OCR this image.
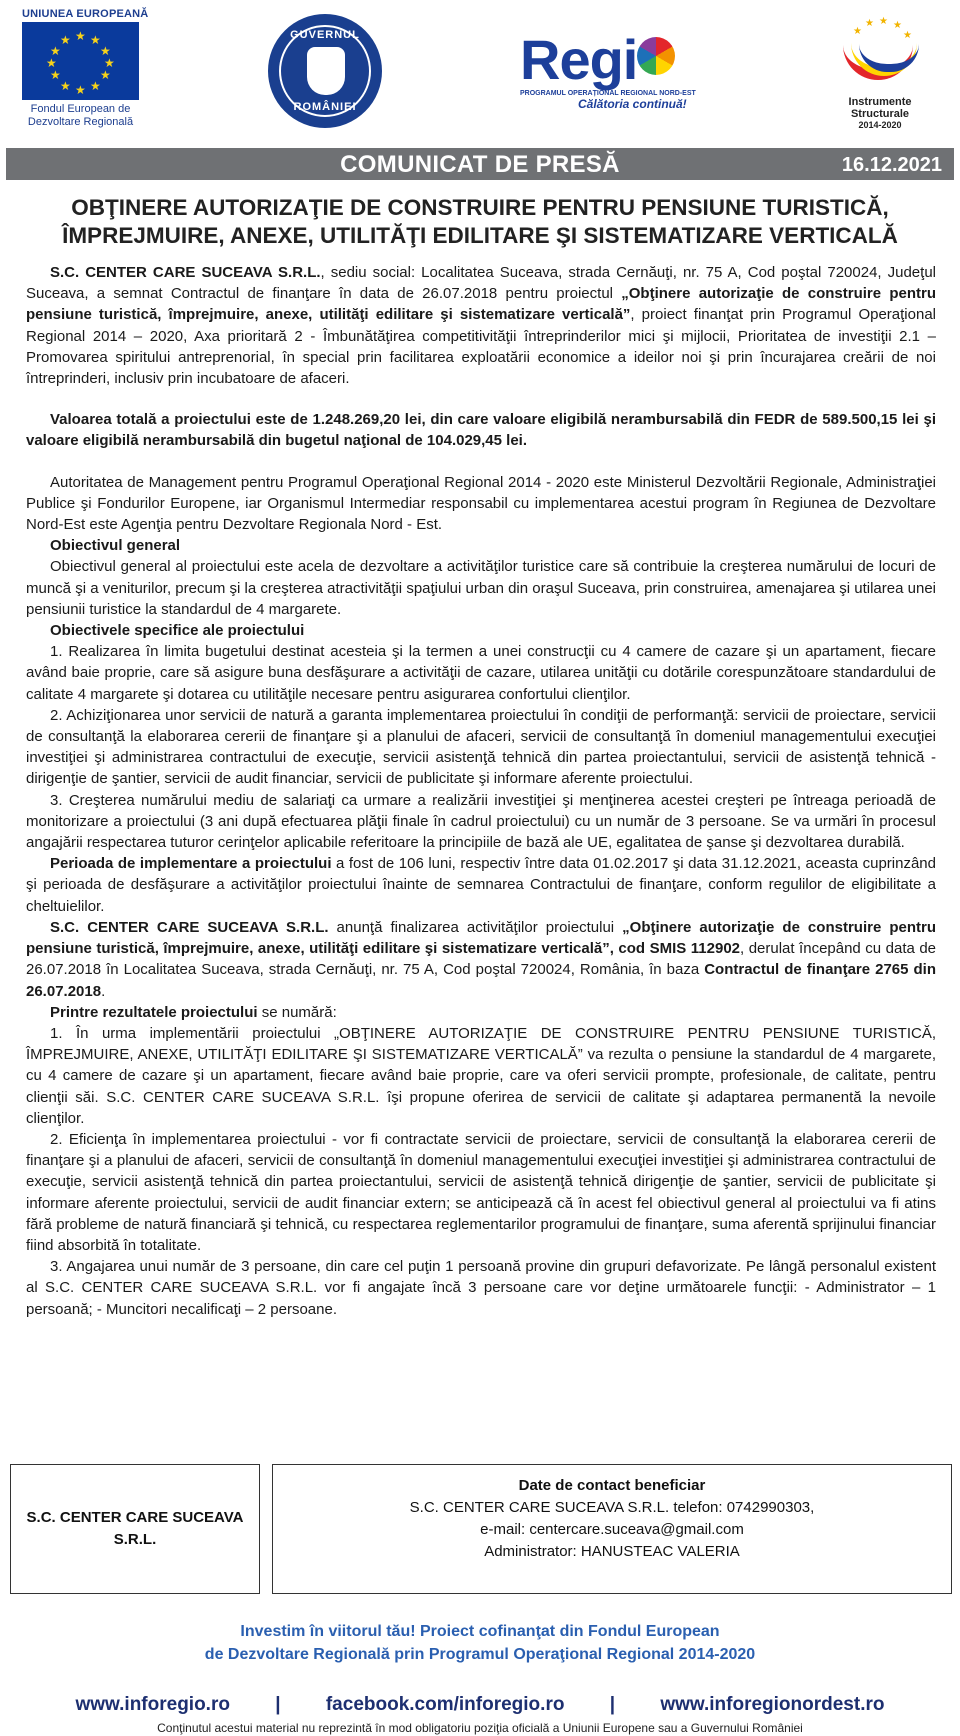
UNIUNEA EUROPEANĂ
★ ★
★
★
★
★
★
★
★
★
★
★
Fondul European de
Dezvoltare Regională
GUVERNUL
ROMÂNIEI
Regi
PROGRAMUL OPERAȚIONAL REGIONAL NORD-EST
Călătoria continuă!
★ ★ ★
★
★
Instrumente Structurale
2014-2020
COMUNICAT DE PRESĂ	16.12.2021
OBŢINERE AUTORIZAŢIE DE CONSTRUIRE PENTRU PENSIUNE TURISTICĂ,
ÎMPREJMUIRE, ANEXE, UTILITĂŢI EDILITARE ŞI SISTEMATIZARE VERTICALĂ

S.C. CENTER CARE SUCEAVA S.R.L., sediu social: Localitatea Suceava, strada Cernăuţi, nr. 75 A, Cod poştal 720024, Judeţul Suceava, a semnat Contractul de finanţare în data de 26.07.2018 pentru proiectul „Obţinere autorizaţie de construire pentru pensiune turistică, împrejmuire, anexe, utilităţi edilitare şi sistematizare verticală”, proiect finanţat prin Programul Operaţional Regional 2014 – 2020, Axa prioritară 2 - Îmbunătăţirea competitivităţii întreprinderilor mici şi mijlocii, Prioritatea de investiţii 2.1 – Promovarea spiritului antreprenorial, în special prin facilitarea exploatării economice a ideilor noi şi prin încurajarea creării de noi întreprinderi, inclusiv prin incubatoare de afaceri.

Valoarea totală a proiectului este de 1.248.269,20 lei, din care valoare eligibilă nerambursabilă din FEDR de 589.500,15 lei şi valoare eligibilă nerambursabilă din bugetul naţional de 104.029,45 lei.

Autoritatea de Management pentru Programul Operaţional Regional 2014 - 2020 este Ministerul Dezvoltării Regionale, Administraţiei Publice şi Fondurilor Europene, iar Organismul Intermediar responsabil cu implementarea acestui program în Regiunea de Dezvoltare Nord-Est este Agenţia pentru Dezvoltare Regionala Nord - Est.

Obiectivul general

Obiectivul general al proiectului este acela de dezvoltare a activităţilor turistice care să contribuie la creşterea numărului de locuri de muncă şi a veniturilor, precum şi la creşterea atractivităţii spaţiului urban din oraşul Suceava, prin construirea, amenajarea şi utilarea unei pensiunii turistice la standardul de 4 margarete.

Obiectivele specifice ale proiectului

1. Realizarea în limita bugetului destinat acesteia şi la termen a unei construcţii cu 4 camere de cazare şi un apartament, fiecare având baie proprie, care să asigure buna desfăşurare a activităţii de cazare, utilarea unităţii cu dotările corespunzătoare standardului de calitate 4 margarete şi dotarea cu utilităţile necesare pentru asigurarea confortului clienţilor.

2. Achiziţionarea unor servicii de natură a garanta implementarea proiectului în condiţii de performanţă: servicii de proiectare, servicii de consultanţă la elaborarea cererii de finanţare şi a planului de afaceri, servicii de consultanţă în domeniul managementului execuţiei investiţiei şi administrarea contractului de execuţie, servicii asistenţă tehnică din partea proiectantului, servicii de asistenţă tehnică - dirigenţie de şantier, servicii de audit financiar, servicii de publicitate şi informare aferente proiectului.

3. Creşterea numărului mediu de salariaţi ca urmare a realizării investiţiei şi menţinerea acestei creşteri pe întreaga perioadă de monitorizare a proiectului (3 ani după efectuarea plăţii finale în cadrul proiectului) cu un număr de 3 persoane. Se va urmări în procesul angajării respectarea tuturor cerinţelor aplicabile referitoare la principiile de bază ale UE, egalitatea de şanse şi dezvoltarea durabilă.

Perioada de implementare a proiectului a fost de 106 luni, respectiv între data 01.02.2017 şi data 31.12.2021, aceasta cuprinzând şi perioada de desfăşurare a activităţilor proiectului înainte de semnarea Contractului de finanţare, conform regulilor de eligibilitate a cheltuielilor.

S.C. CENTER CARE SUCEAVA S.R.L. anunţă finalizarea activităţilor proiectului „Obţinere autorizaţie de construire pentru pensiune turistică, împrejmuire, anexe, utilităţi edilitare şi sistematizare verticală”, cod SMIS 112902, derulat începând cu data de 26.07.2018 în Localitatea Suceava, strada Cernăuţi, nr. 75 A, Cod poştal 720024, România, în baza Contractul de finanţare 2765 din 26.07.2018.

Printre rezultatele proiectului se numără:

1. În urma implementării proiectului „OBŢINERE AUTORIZAŢIE DE CONSTRUIRE PENTRU PENSIUNE TURISTICĂ, ÎMPREJMUIRE, ANEXE, UTILITĂŢI EDILITARE ŞI SISTEMATIZARE VERTICALĂ” va rezulta o pensiune la standardul de 4 margarete, cu 4 camere de cazare şi un apartament, fiecare având baie proprie, care va oferi servicii prompte, profesionale, de calitate, pentru clienţii săi. S.C. CENTER CARE SUCEAVA S.R.L. îşi propune oferirea de servicii de calitate şi adaptarea permanentă la nevoile clienţilor.

2. Eficienţa în implementarea proiectului - vor fi contractate servicii de proiectare, servicii de consultanţă la elaborarea cererii de finanţare şi a planului de afaceri, servicii de consultanţă în domeniul managementului execuţiei investiţiei şi administrarea contractului de execuţie, servicii asistenţă tehnică din partea proiectantului, servicii de asistenţă tehnică dirigenţie de şantier, servicii de publicitate şi informare aferente proiectului, servicii de audit financiar extern; se anticipează că în acest fel obiectivul general al proiectului va fi atins fără probleme de natură financiară şi tehnică, cu respectarea reglementarilor programului de finanţare, suma aferentă sprijinului financiar fiind absorbită în totalitate.

3. Angajarea unui număr de 3 persoane, din care cel puţin 1 persoană provine din grupuri defavorizate. Pe lângă personalul existent al S.C. CENTER CARE SUCEAVA S.R.L. vor fi angajate încă 3 persoane care vor deţine următoarele funcţii: - Administrator – 1 persoană; - Muncitori necalificaţi – 2 persoane.

S.C. CENTER CARE SUCEAVA
S.R.L.
Date de contact beneficiar
S.C. CENTER CARE SUCEAVA S.R.L. telefon: 0742990303,
e-mail: centercare.suceava@gmail.com
Administrator: HANUSTEAC VALERIA
Investim în viitorul tău! Proiect cofinanţat din Fondul European
de Dezvoltare Regională prin Programul Operaţional Regional 2014-2020
www.inforegio.ro | facebook.com/inforegio.ro | www.inforegionordest.ro
Conţinutul acestui material nu reprezintă în mod obligatoriu poziţia oficială a Uniunii Europene sau a Guvernului României
